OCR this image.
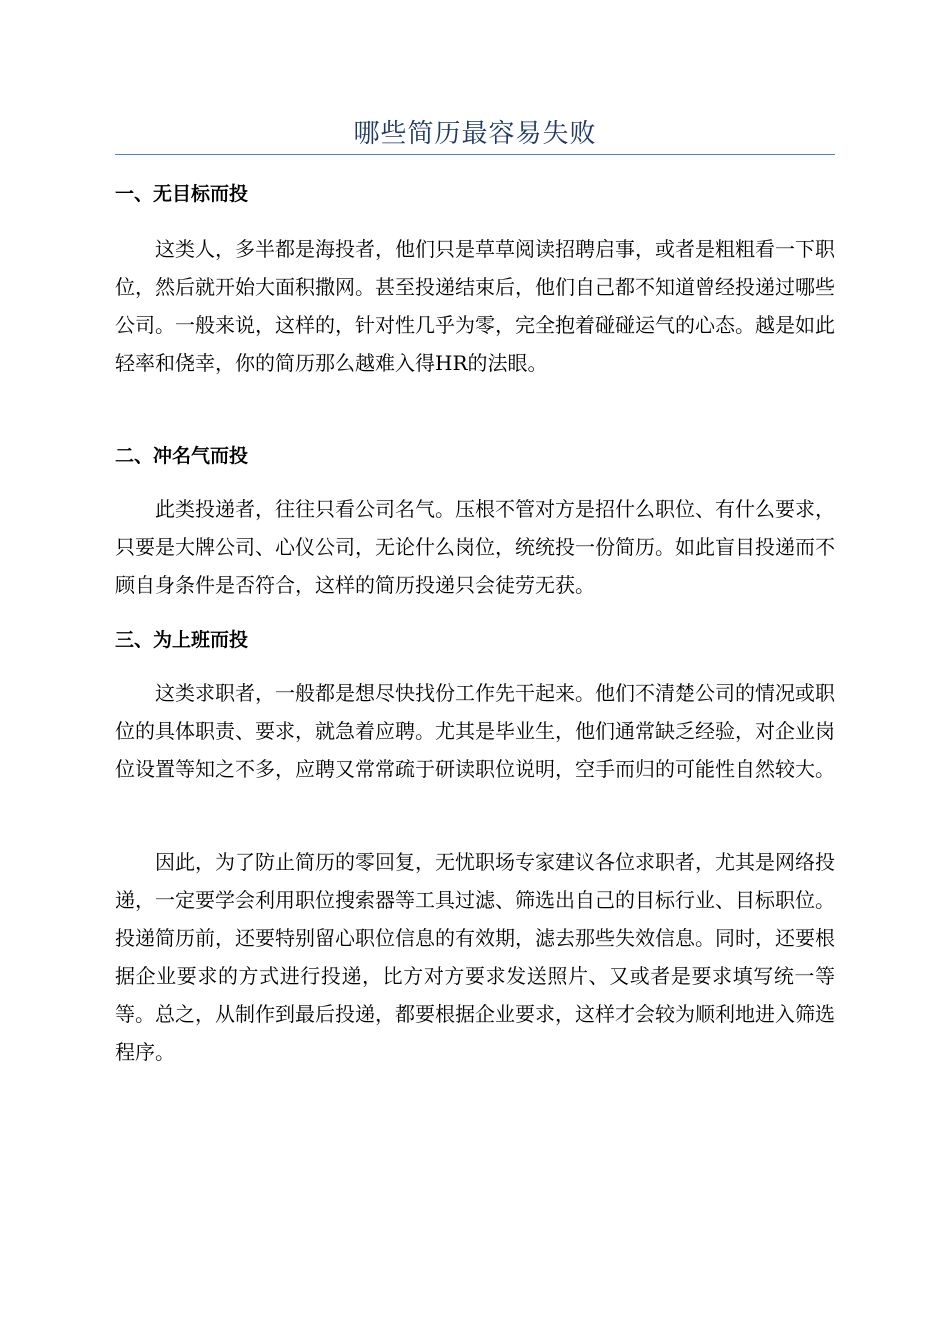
哪些简历最容易失败
一、无目标而投
这类人，多半都是海投者，他们只是草草阅读招聘启事，或者是粗粗看一下职位，然后就开始大面积撒网。甚至投递结束后，他们自己都不知道曾经投递过哪些公司。一般来说，这样的，针对性几乎为零，完全抱着碰碰运气的心态。越是如此轻率和侥幸，你的简历那么越难入得HR的法眼。
二、冲名气而投
此类投递者，往往只看公司名气。压根不管对方是招什么职位、有什么要求，只要是大牌公司、心仪公司，无论什么岗位，统统投一份简历。如此盲目投递而不顾自身条件是否符合，这样的简历投递只会徒劳无获。
三、为上班而投
这类求职者，一般都是想尽快找份工作先干起来。他们不清楚公司的情况或职位的具体职责、要求，就急着应聘。尤其是毕业生，他们通常缺乏经验，对企业岗位设置等知之不多，应聘又常常疏于研读职位说明，空手而归的可能性自然较大。
因此，为了防止简历的零回复，无忧职场专家建议各位求职者，尤其是网络投递，一定要学会利用职位搜索器等工具过滤、筛选出自己的目标行业、目标职位。投递简历前，还要特别留心职位信息的有效期，滤去那些失效信息。同时，还要根据企业要求的方式进行投递，比方对方要求发送照片、又或者是要求填写统一等等。总之，从制作到最后投递，都要根据企业要求，这样才会较为顺利地进入筛选程序。
